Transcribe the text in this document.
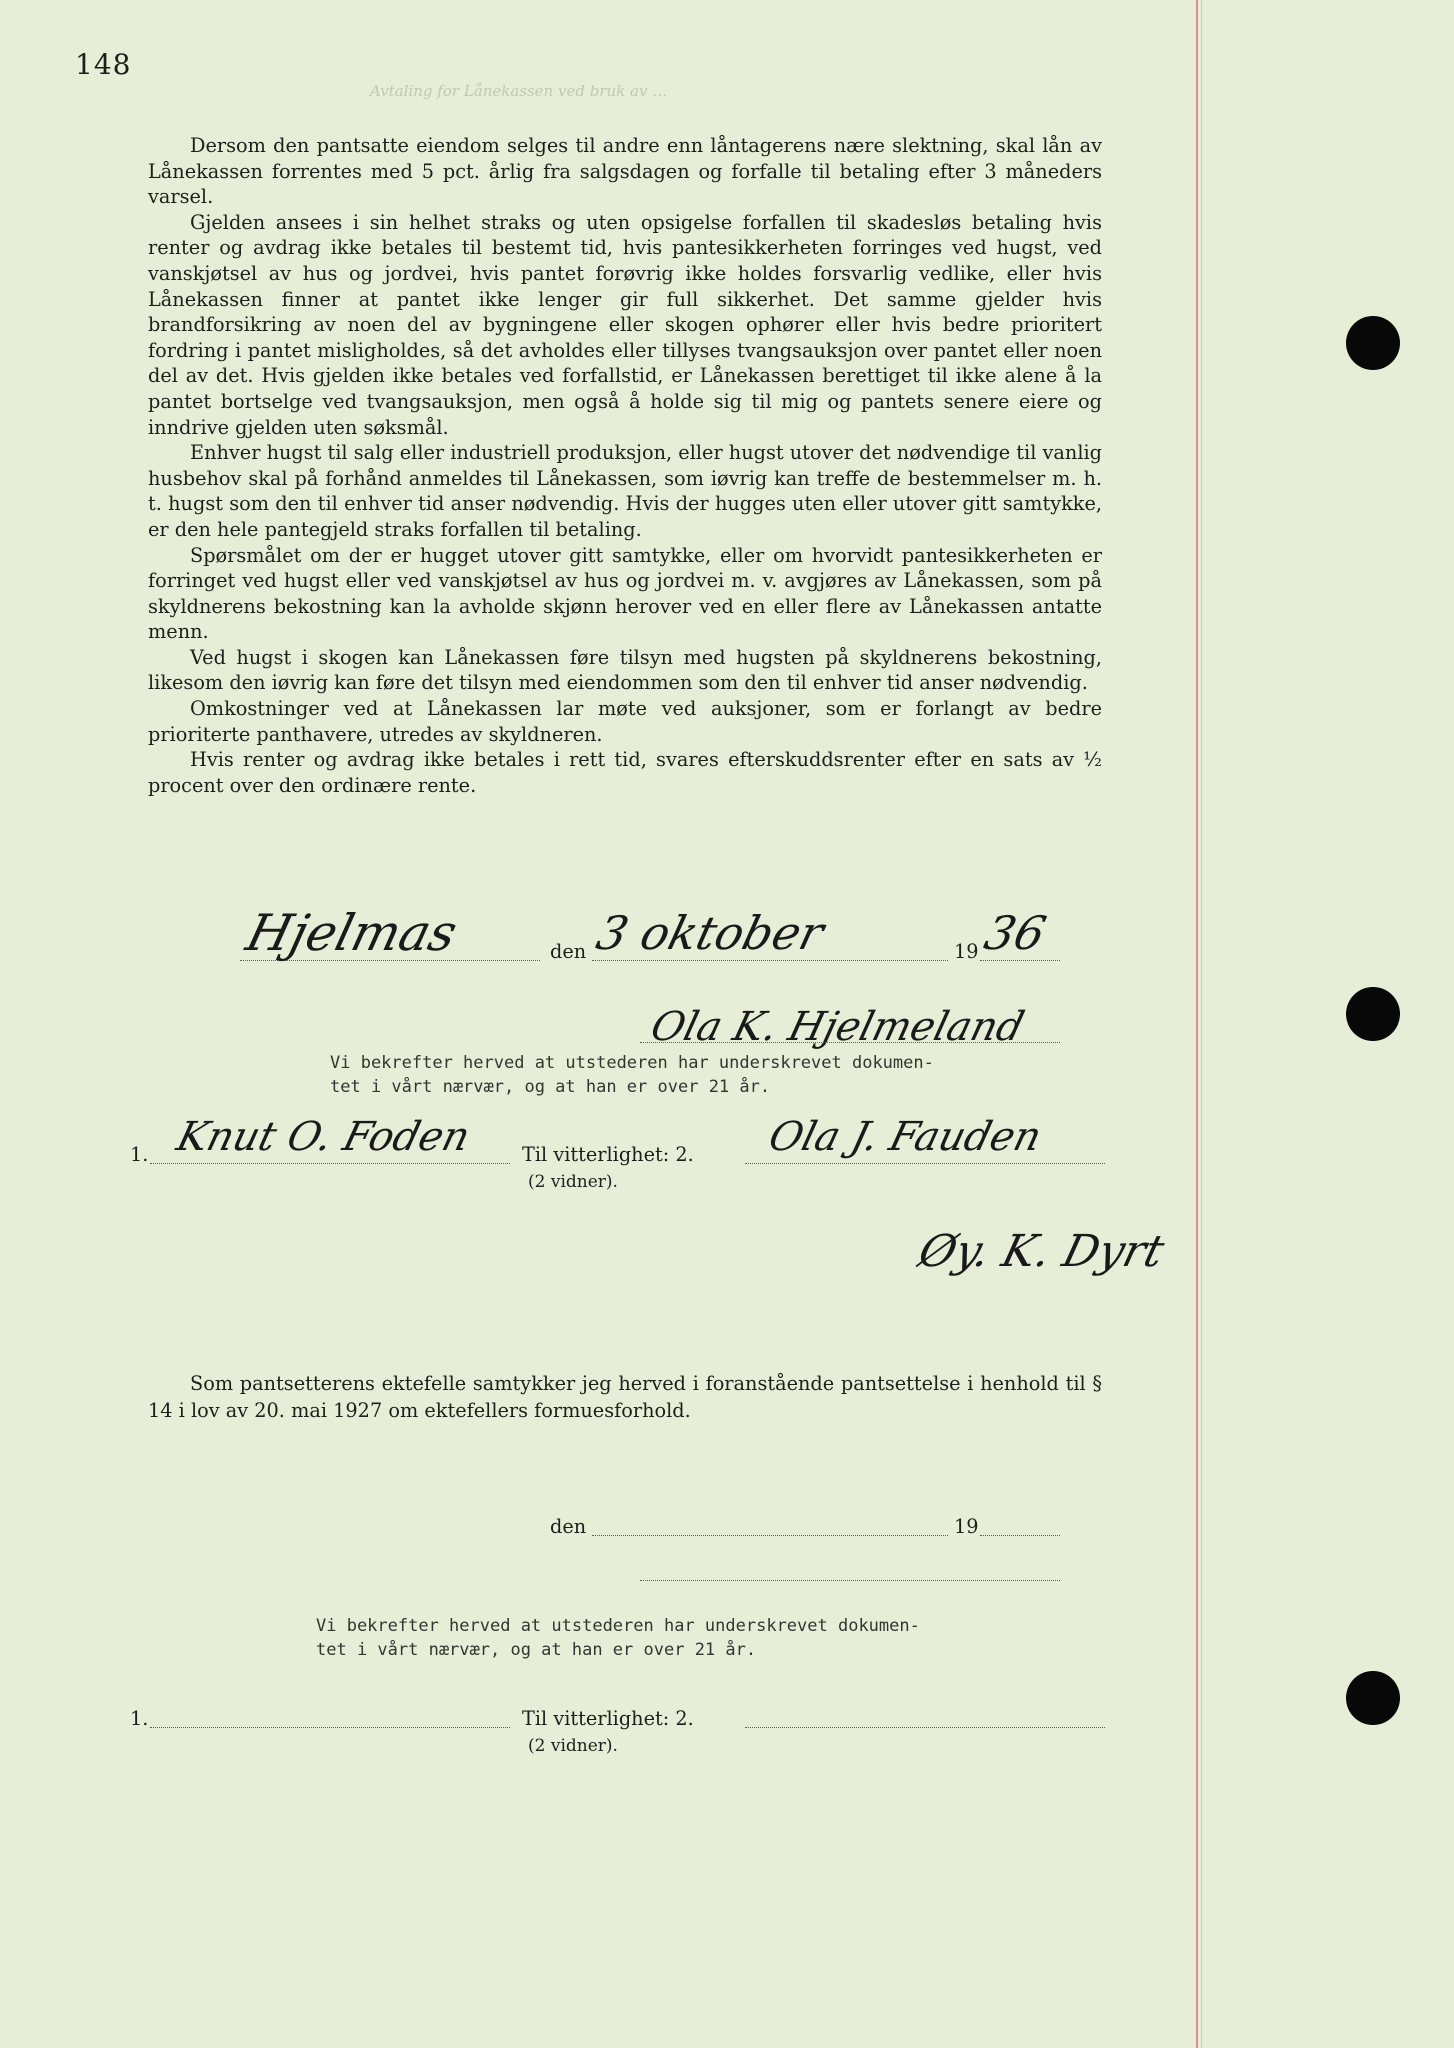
148
Avtaling for Lånekassen ved bruk av …

Dersom den pantsatte eiendom selges til andre enn låntagerens nære slektning, skal lån av Lånekassen forrentes med 5 pct. årlig fra salgsdagen og forfalle til betaling efter 3 måneders varsel.

Gjelden ansees i sin helhet straks og uten opsigelse forfallen til skadesløs betaling hvis renter og avdrag ikke betales til bestemt tid, hvis pantesikkerheten forringes ved hugst, ved vanskjøtsel av hus og jordvei, hvis pantet forøvrig ikke holdes forsvarlig vedlike, eller hvis Lånekassen finner at pantet ikke lenger gir full sikkerhet. Det samme gjelder hvis brandforsikring av noen del av bygningene eller skogen ophører eller hvis bedre prioritert fordring i pantet misligholdes, så det avholdes eller tillyses tvangsauksjon over pantet eller noen del av det. Hvis gjelden ikke betales ved forfallstid, er Lånekassen berettiget til ikke alene å la pantet bortselge ved tvangsauksjon, men også å holde sig til mig og pantets senere eiere og inndrive gjelden uten søksmål.

Enhver hugst til salg eller industriell produksjon, eller hugst utover det nødvendige til vanlig husbehov skal på forhånd anmeldes til Lånekassen, som iøvrig kan treffe de bestemmelser m. h. t. hugst som den til enhver tid anser nødvendig. Hvis der hugges uten eller utover gitt samtykke, er den hele pantegjeld straks forfallen til betaling.

Spørsmålet om der er hugget utover gitt samtykke, eller om hvorvidt pantesikkerheten er forringet ved hugst eller ved vanskjøtsel av hus og jordvei m. v. avgjøres av Lånekassen, som på skyldnerens bekostning kan la avholde skjønn herover ved en eller flere av Lånekassen antatte menn.

Ved hugst i skogen kan Lånekassen føre tilsyn med hugsten på skyldnerens bekostning, likesom den iøvrig kan føre det tilsyn med eiendommen som den til enhver tid anser nødvendig.

Omkostninger ved at Lånekassen lar møte ved auksjoner, som er forlangt av bedre prioriterte panthavere, utredes av skyldneren.

Hvis renter og avdrag ikke betales i rett tid, svares efterskuddsrenter efter en sats av ½ procent over den ordinære rente.

Hjelmas	den 3 oktober	19 36
Ola K. Hjelmeland
Vi bekrefter herved at utstederen har underskrevet dokumen-
tet i vårt nærvær, og at han er over 21 år.
1. Knut O. Foden Til vitterlighet: 2. Ola J. Fauden
(2 vidner).
Øy. K. Dyrt

Som pantsetterens ektefelle samtykker jeg herved i foranstående pantsettelse i henhold til § 14 i lov av 20. mai 1927 om ektefellers formuesforhold.

den	19
Vi bekrefter herved at utstederen har underskrevet dokumen-
tet i vårt nærvær, og at han er over 21 år.
1.	Til vitterlighet: 2.
(2 vidner).
